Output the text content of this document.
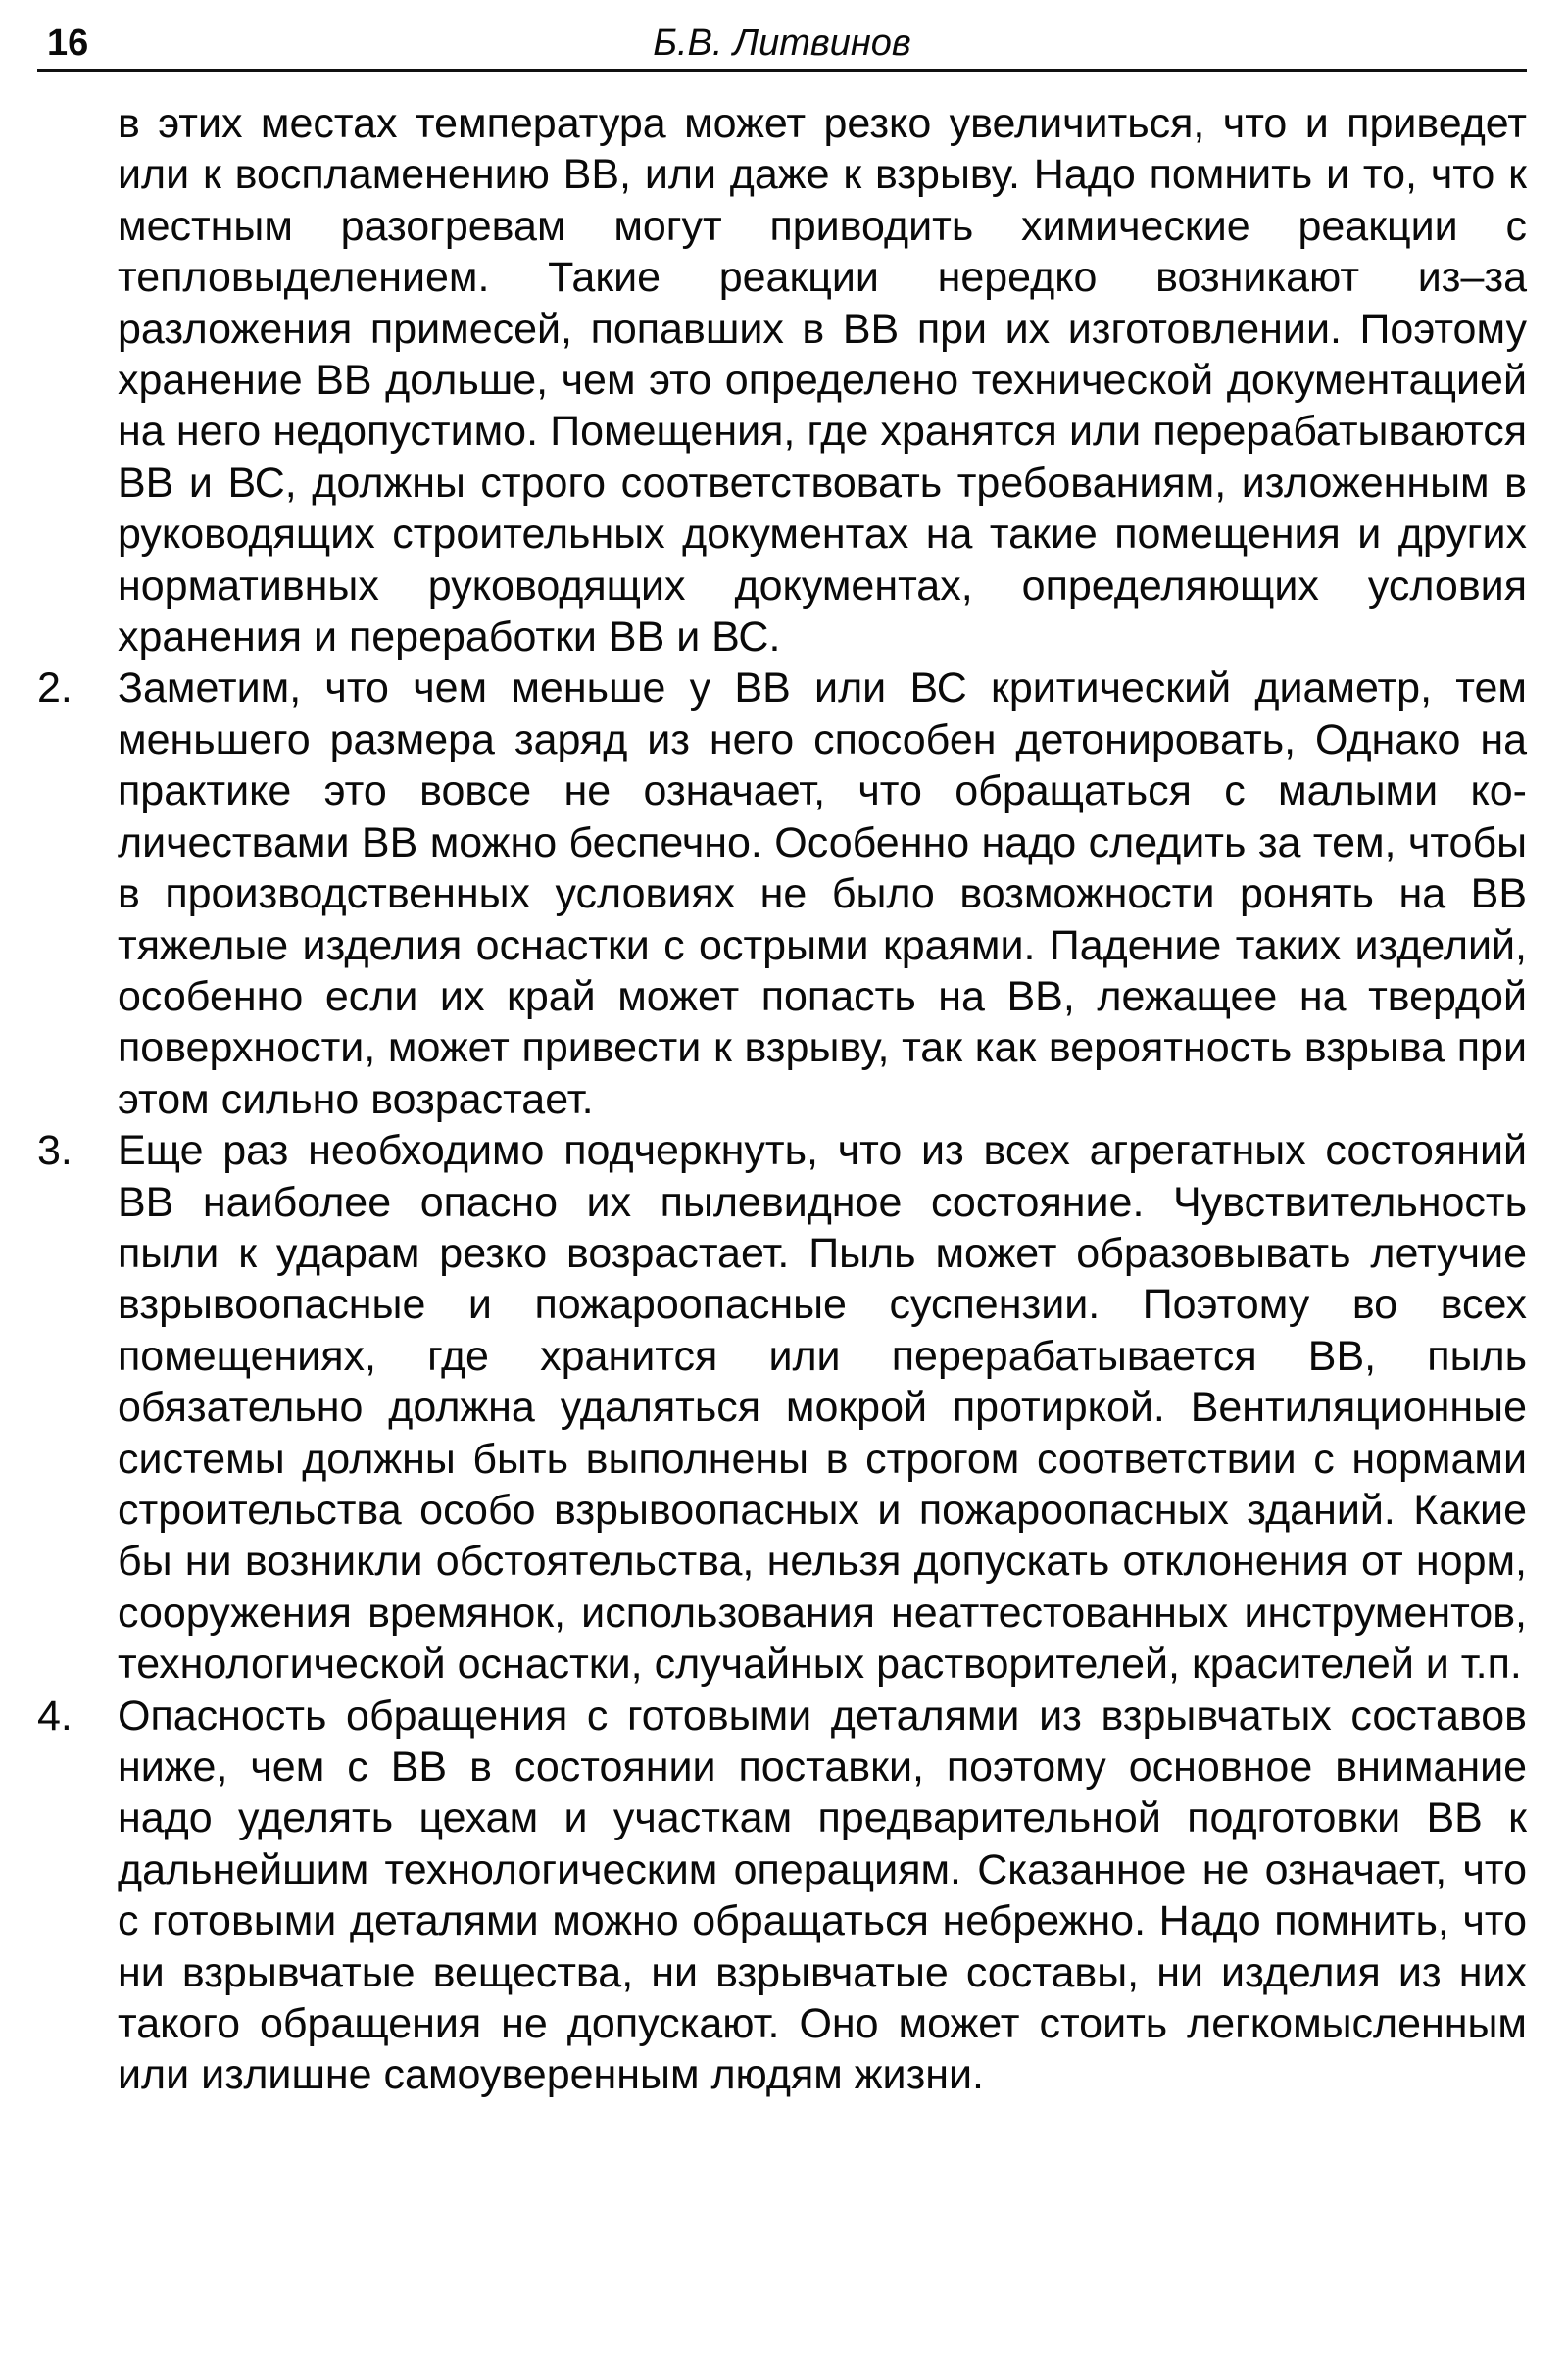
16	Б.В. Литвинов

в этих местах температура может резко увеличиться, что и приведет или к воспламенению ВВ, или даже к взрыву. Надо помнить и то, что к местным разогревам могут приводить химические реакции с тепловыделением. Такие реакции нередко возникают из–за разложения примесей, попавших в ВВ при их изготовлении. Поэтому хранение ВВ дольше, чем это определено технической документацией на него недопустимо. Помещения, где хранятся или перерабатываются ВВ и ВС, должны строго соответствовать требованиям, изложенным в руководящих строительных документах на такие помещения и других нормативных руководящих документах, определяющих условия хранения и переработки ВВ и ВС.

2.	Заметим, что чем меньше у ВВ или ВС критический диаметр, тем меньшего размера заряд из него способен детонировать, Однако на практике это вовсе не означает, что обращаться с малыми количествами ВВ можно беспечно. Особенно надо следить за тем, чтобы в производственных условиях не было возможности ронять на ВВ тяжелые изделия оснастки с острыми краями. Падение таких изделий, особенно если их край может попасть на ВВ, лежащее на твердой поверхности, может привести к взрыву, так как вероятность взрыва при этом сильно возрастает.
3.	Еще раз необходимо подчеркнуть, что из всех агрегатных состояний ВВ наиболее опасно их пылевидное состояние. Чувствительность пыли к ударам резко возрастает. Пыль может образовывать летучие взрывоопасные и пожароопасные суспензии. Поэтому во всех помещениях, где хранится или перерабатывается ВВ, пыль обязательно должна удаляться мокрой протиркой. Вентиляционные системы должны быть выполнены в строгом соответствии с нормами строительства особо взрывоопасных и пожароопасных зданий. Какие бы ни возникли обстоятельства, нельзя допускать отклонения от норм, сооружения времянок, использования неаттестованных инструментов, технологической оснастки, случайных растворителей, красителей и т.п.
4.	Опасность обращения с готовыми деталями из взрывчатых составов ниже, чем с ВВ в состоянии поставки, поэтому основное внимание надо уделять цехам и участкам предварительной подготовки ВВ к дальнейшим технологическим операциям. Сказанное не означает, что с готовыми деталями можно обращаться небрежно. Надо помнить, что ни взрывчатые вещества, ни взрывчатые составы, ни изделия из них такого обращения не допускают. Оно может стоить легкомысленным или излишне самоуверенным людям жизни.
